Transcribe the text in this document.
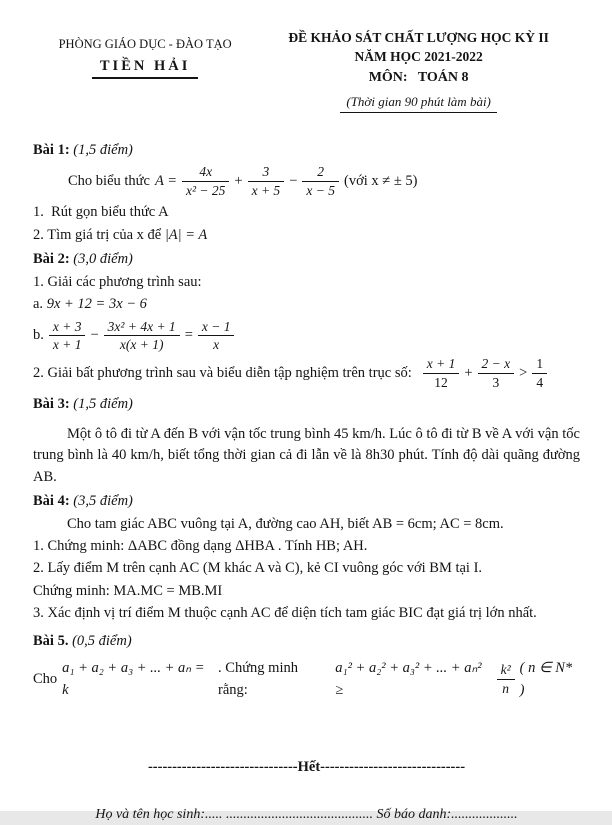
PHÒNG GIÁO DỤC - ĐÀO TẠO
TIỀN HẢI
ĐỀ KHẢO SÁT CHẤT LƯỢNG HỌC KỲ II
NĂM HỌC 2021-2022
MÔN:   TOÁN 8
(Thời gian 90 phút làm bài)

Bài 1: (1,5 điểm)

Cho biểu thức $A = \frac{4x}{\text{x² − 25}} + \frac{3}{x + 5} - \frac{2}{x - 5}$ (với x ≠ ± 5)

1.  Rút gọn biểu thức A

2. Tìm giá trị của x để |A| = A

Bài 2: (3,0 điểm)

1. Giải các phương trình sau:

a. 9x + 12 = 3x − 6

b. $\frac{x + 3}{x + 1} - \frac{\text{3x² + 4x + 1}}{x(x + 1)} = \frac{x - 1}{x}$
2. Giải bất phương trình sau và biểu diễn tập nghiệm trên trục số: $\frac{x + 1}{12} + \frac{2 - x}{3} > \frac{1}{4}$

Bài 3: (1,5 điểm)

Một ô tô đi từ A đến B với vận tốc trung bình 45 km/h. Lúc ô tô đi từ B về A với vận tốc trung bình là 40 km/h, biết tổng thời gian cả đi lẫn về là 8h30 phút. Tính độ dài quãng đường AB.

Bài 4: (3,5 điểm)

Cho tam giác ABC vuông tại A, đường cao AH, biết AB = 6cm; AC = 8cm.

1. Chứng minh: ΔABC đồng dạng ΔHBA . Tính HB; AH.

2. Lấy điểm M trên cạnh AC (M khác A và C), kẻ CI vuông góc với BM tại I.

Chứng minh: MA.MC = MB.MI

3. Xác định vị trí điểm M thuộc cạnh AC để diện tích tam giác BIC đạt giá trị lớn nhất.

Bài 5. (0,5 điểm)

Cho
a₁ + a₂ + a₃ + ... + aₙ = k
. Chứng minh rằng:
a₁² + a₂² + a₃² + ... + aₙ² ≥	$\frac{\text{k²}}{n}$ ( n ∈ N* )

-------------------------------Hết------------------------------

Họ và tên học sinh:..... .......................................... Số báo danh:...................
